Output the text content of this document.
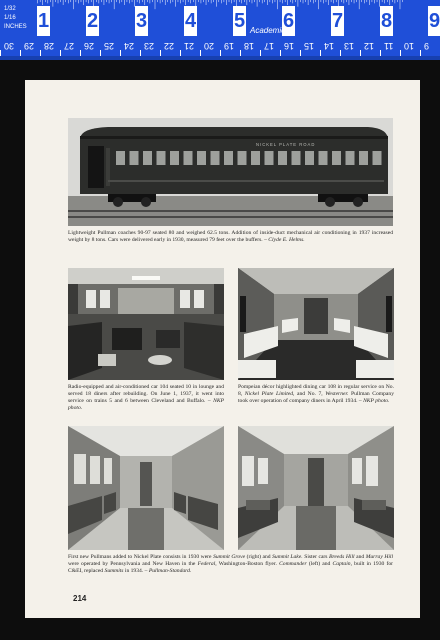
1/32
1/16
INCHES 1 2 3 4 5 6 7 8 9
Academic
30 29 28 27 26 25 24 23 22 21 20 19 18 17 16 15 14 13 12 11 10 9
NICKEL PLATE ROAD
Lightweight Pullman coaches 90-97 seated 80 and weighed 62.5 tons. Addition of inside-duct mechanical air conditioning in 1937 increased weight by 8 tons. Cars were delivered early in 1930, measured 79 feet over the buffers. – Clyde E. Helms.
Radio-equipped and air-conditioned car 104 seated 10 in lounge and served 18 diners after rebuilding. On June 1, 1937, it went into service on trains 5 and 6 between Cleveland and Buffalo. – NKP photo.
Pompeian décor highlighted dining car 108 in regular service on No. 8, Nickel Plate Limited, and No. 7, Westerner. Pullman Company took over operation of company diners in April 1934. – NKP photo.
First new Pullmans added to Nickel Plate consists in 1930 were Summit Grove (right) and Summit Lake. Sister cars Breeds Hill and Murray Hill were operated by Pennsylvania and New Haven in the Federal, Washington-Boston flyer. Commander (left) and Captain, built in 1930 for C&EI, replaced Summits in 1934. – Pullman-Standard.
214
